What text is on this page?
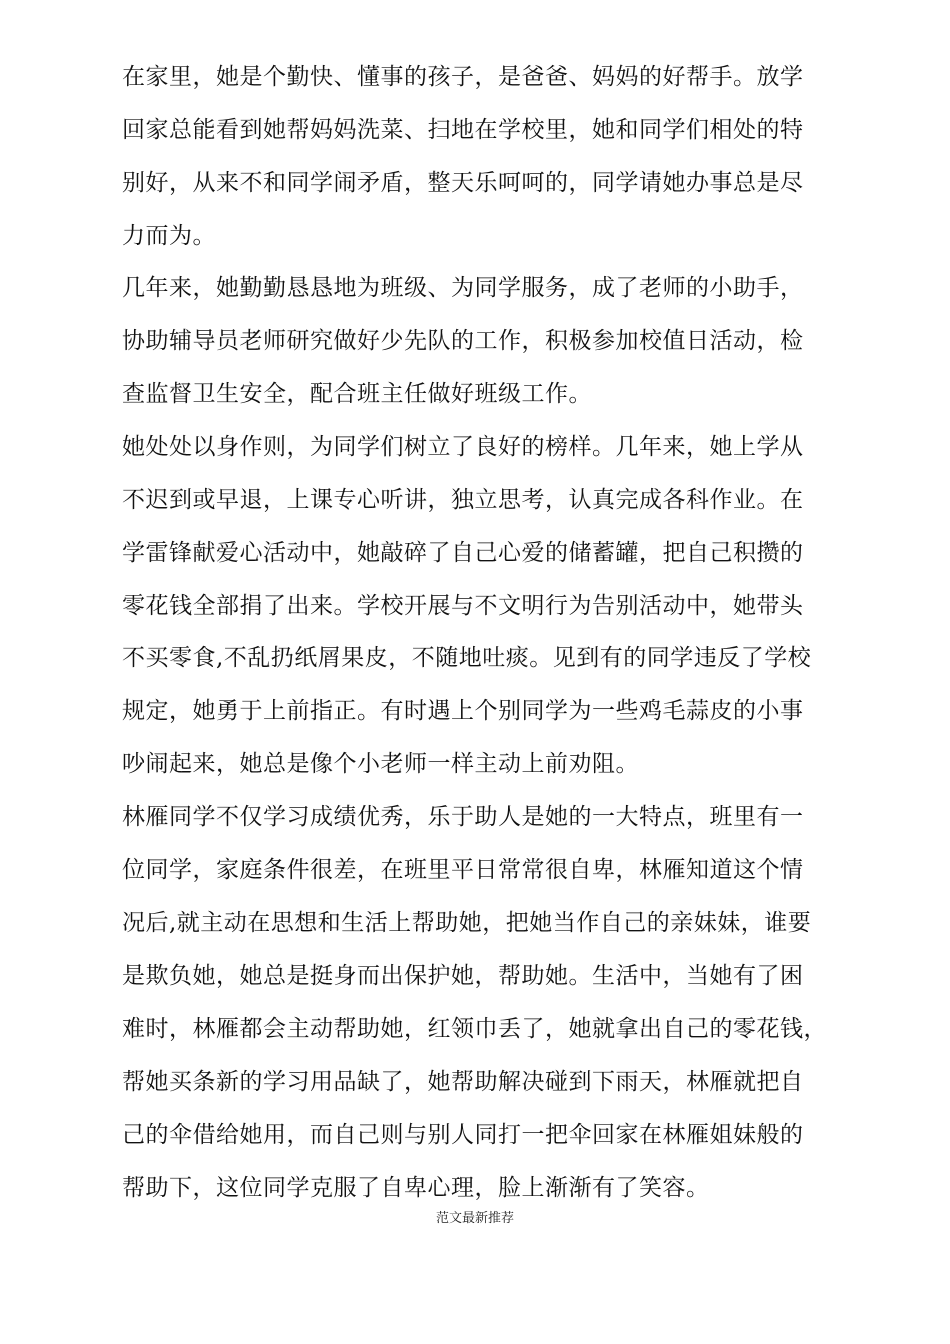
在家里，她是个勤快、懂事的孩子，是爸爸、妈妈的好帮手。放学
回家总能看到她帮妈妈洗菜、扫地在学校里，她和同学们相处的特
别好，从来不和同学闹矛盾，整天乐呵呵的，同学请她办事总是尽
力而为。
几年来，她勤勤恳恳地为班级、为同学服务，成了老师的小助手，
协助辅导员老师研究做好少先队的工作，积极参加校值日活动，检
查监督卫生安全，配合班主任做好班级工作。
她处处以身作则，为同学们树立了良好的榜样。几年来，她上学从
不迟到或早退，上课专心听讲，独立思考，认真完成各科作业。在
学雷锋献爱心活动中，她敲碎了自己心爱的储蓄罐，把自己积攒的
零花钱全部捐了出来。学校开展与不文明行为告别活动中，她带头
不买零食,不乱扔纸屑果皮，不随地吐痰。见到有的同学违反了学校
规定，她勇于上前指正。有时遇上个别同学为一些鸡毛蒜皮的小事
吵闹起来，她总是像个小老师一样主动上前劝阻。
林雁同学不仅学习成绩优秀，乐于助人是她的一大特点，班里有一
位同学，家庭条件很差，在班里平日常常很自卑，林雁知道这个情
况后,就主动在思想和生活上帮助她，把她当作自己的亲妹妹，谁要
是欺负她，她总是挺身而出保护她，帮助她。生活中，当她有了困
难时，林雁都会主动帮助她，红领巾丢了，她就拿出自己的零花钱，
帮她买条新的学习用品缺了，她帮助解决碰到下雨天，林雁就把自
己的伞借给她用，而自己则与别人同打一把伞回家在林雁姐妹般的
帮助下，这位同学克服了自卑心理，脸上渐渐有了笑容。
范文最新推荐
